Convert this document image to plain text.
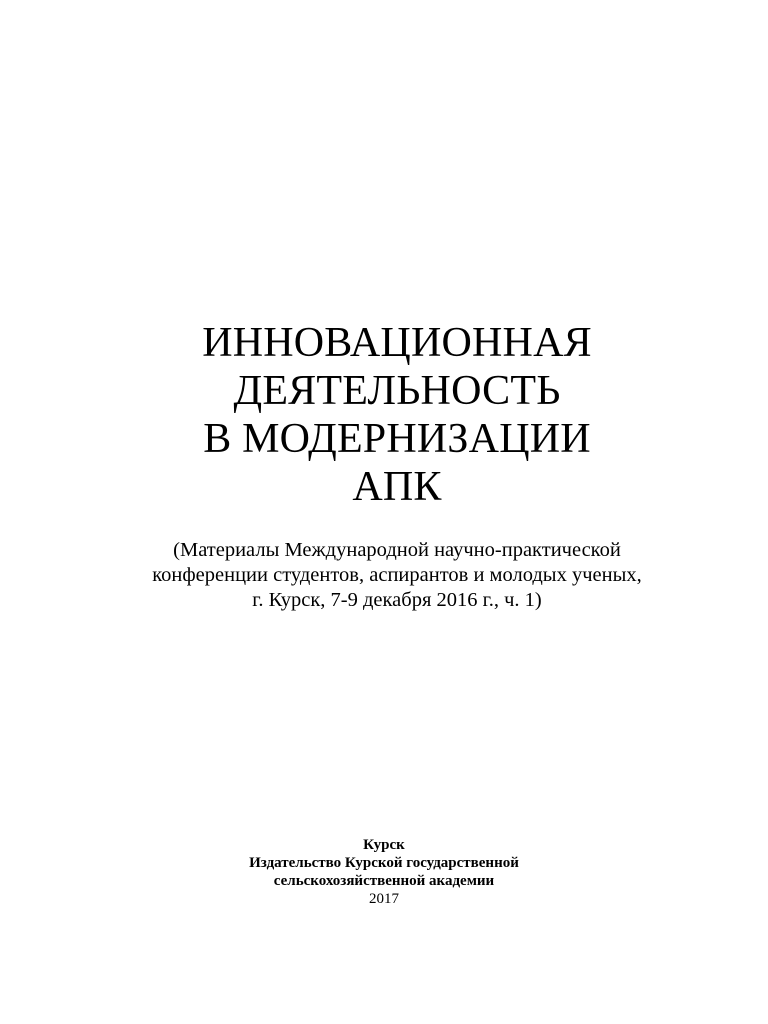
ИННОВАЦИОННАЯ
ДЕЯТЕЛЬНОСТЬ
В МОДЕРНИЗАЦИИ
АПК
(Материалы Международной научно-практической
конференции студентов, аспирантов и молодых ученых,
г. Курск, 7-9 декабря 2016 г., ч. 1)
Курск
Издательство Курской государственной
сельскохозяйственной академии
2017
